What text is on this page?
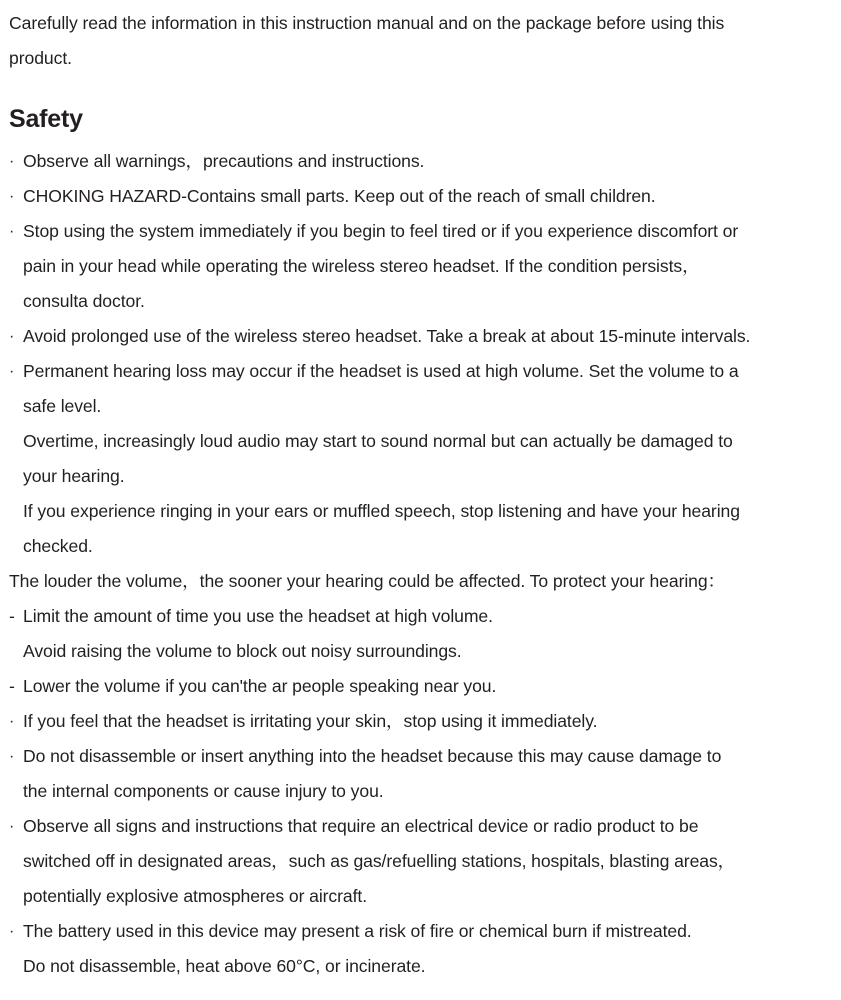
Carefully read the information in this instruction manual and on the package before using this
product.

Safety
· Observe all warnings，precautions and instructions.
· CHOKING HAZARD-Contains small parts. Keep out of the reach of small children.
· Stop using the system immediately if you begin to feel tired or if you experience discomfort or
pain in your head while operating the wireless stereo headset. If the condition persists，
consulta doctor.
· Avoid prolonged use of the wireless stereo headset. Take a break at about 15-minute intervals.
· Permanent hearing loss may occur if the headset is used at high volume. Set the volume to a
safe level.
Overtime, increasingly loud audio may start to sound normal but can actually be damaged to
your hearing.
If you experience ringing in your ears or muffled speech, stop listening and have your hearing
checked.
The louder the volume，the sooner your hearing could be affected. To protect your hearing：
- Limit the amount of time you use the headset at high volume.
Avoid raising the volume to block out noisy surroundings.
- Lower the volume if you can'the ar people speaking near you.
· If you feel that the headset is irritating your skin，stop using it immediately.
· Do not disassemble or insert anything into the headset because this may cause damage to
the internal components or cause injury to you.
· Observe all signs and instructions that require an electrical device or radio product to be
switched off in designated areas，such as gas/refuelling stations, hospitals, blasting areas，
potentially explosive atmospheres or aircraft.
· The battery used in this device may present a risk of fire or chemical burn if mistreated.
Do not disassemble, heat above 60°C, or incinerate.
